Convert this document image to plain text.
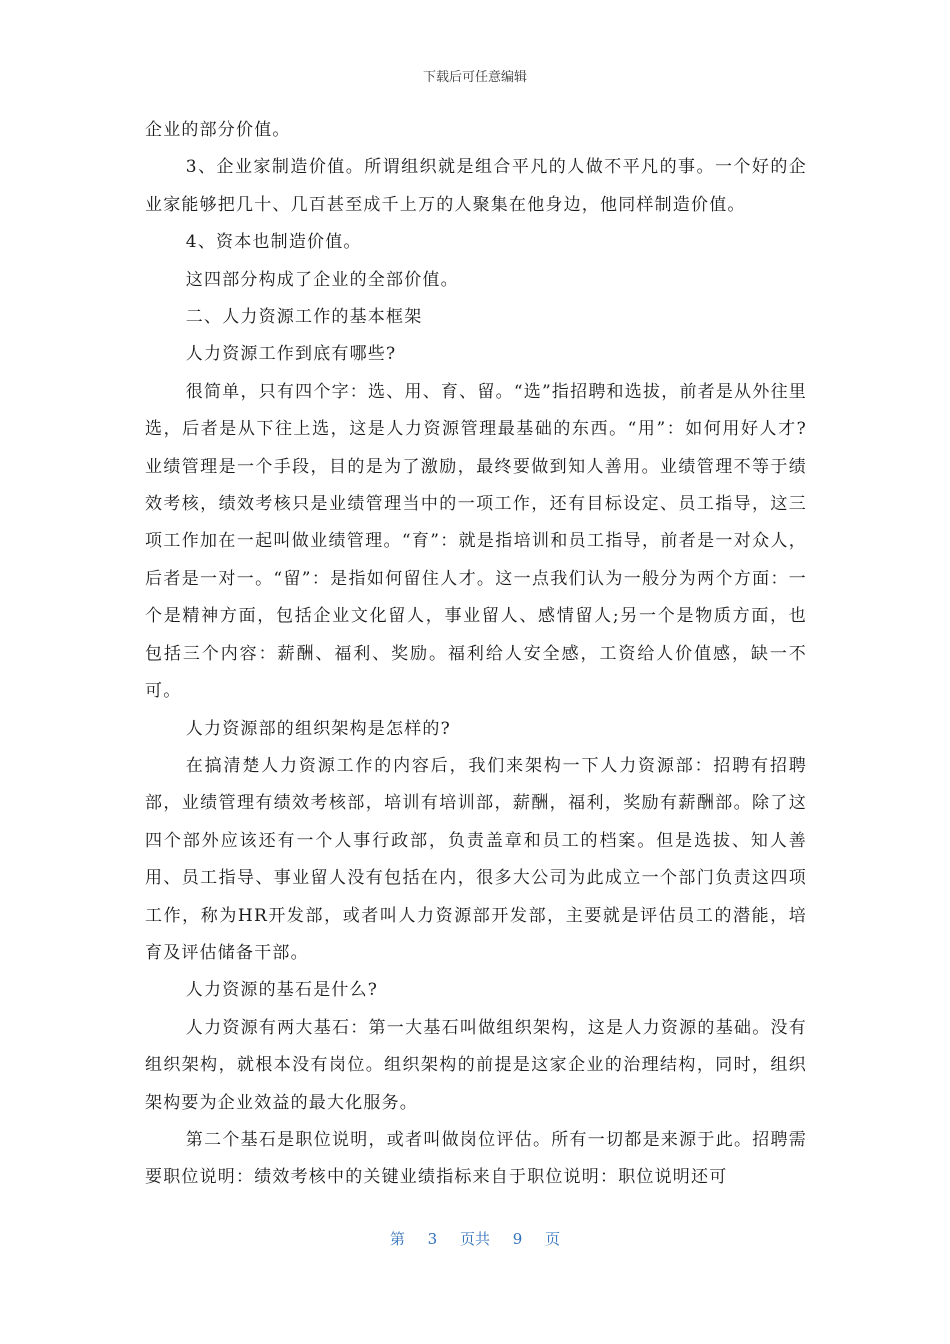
下载后可任意编辑

企业的部分价值。

3、企业家制造价值。所谓组织就是组合平凡的人做不平凡的事。一个好的企业家能够把几十、几百甚至成千上万的人聚集在他身边，他同样制造价值。

4、资本也制造价值。

这四部分构成了企业的全部价值。

二、人力资源工作的基本框架

人力资源工作到底有哪些?

很简单，只有四个字：选、用、育、留。“选”指招聘和选拔，前者是从外往里选，后者是从下往上选，这是人力资源管理最基础的东西。“用”：如何用好人才?业绩管理是一个手段，目的是为了激励，最终要做到知人善用。业绩管理不等于绩效考核，绩效考核只是业绩管理当中的一项工作，还有目标设定、员工指导，这三项工作加在一起叫做业绩管理。“育”：就是指培训和员工指导，前者是一对众人，后者是一对一。“留”：是指如何留住人才。这一点我们认为一般分为两个方面：一个是精神方面，包括企业文化留人，事业留人、感情留人;另一个是物质方面，也包括三个内容：薪酬、福利、奖励。福利给人安全感，工资给人价值感，缺一不可。

人力资源部的组织架构是怎样的?

在搞清楚人力资源工作的内容后，我们来架构一下人力资源部：招聘有招聘部，业绩管理有绩效考核部，培训有培训部，薪酬，福利，奖励有薪酬部。除了这四个部外应该还有一个人事行政部，负责盖章和员工的档案。但是选拔、知人善用、员工指导、事业留人没有包括在内，很多大公司为此成立一个部门负责这四项工作，称为HR开发部，或者叫人力资源部开发部，主要就是评估员工的潜能，培育及评估储备干部。

人力资源的基石是什么?

人力资源有两大基石：第一大基石叫做组织架构，这是人力资源的基础。没有组织架构，就根本没有岗位。组织架构的前提是这家企业的治理结构，同时，组织架构要为企业效益的最大化服务。

第二个基石是职位说明，或者叫做岗位评估。所有一切都是来源于此。招聘需要职位说明：绩效考核中的关键业绩指标来自于职位说明：职位说明还可

第 3 页共 9 页
